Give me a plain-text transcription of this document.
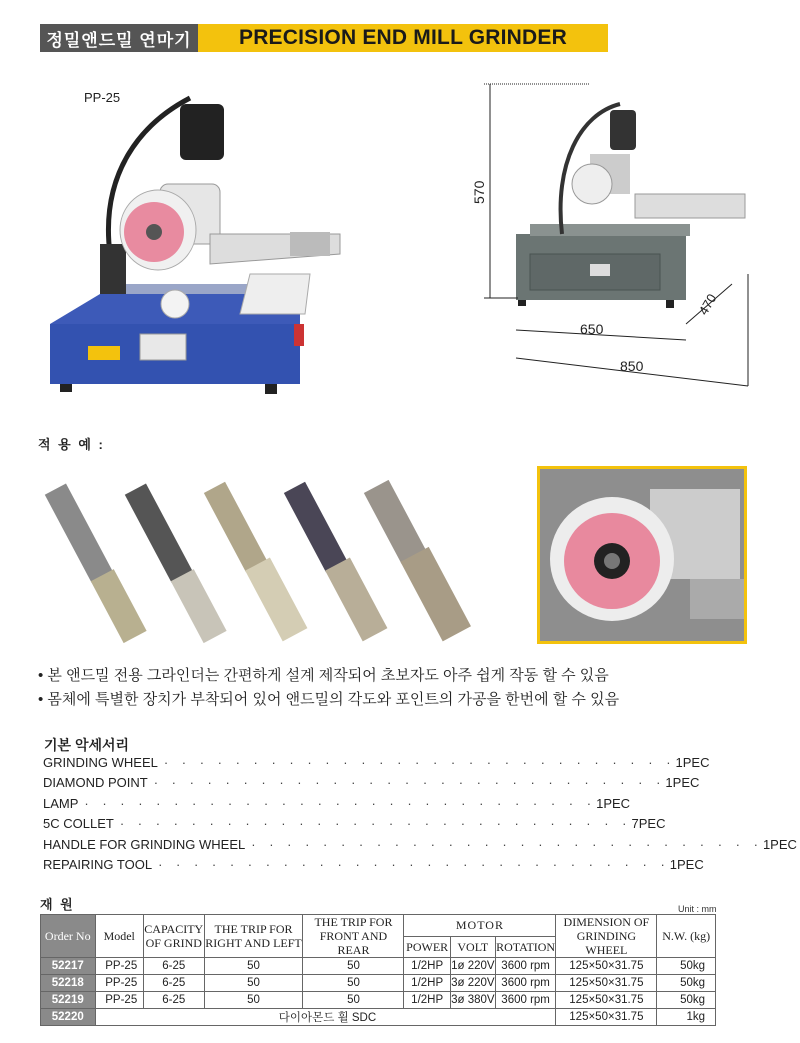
정밀앤드밀 연마기	PRECISION END MILL GRINDER
PP-25
570
650
850
470
적 용 예 :
• 본 앤드밀 전용 그라인더는 간편하게 설계 제작되어 초보자도 아주 쉽게 작동 할 수 있음
• 몸체에 특별한 장치가 부착되어 있어 앤드밀의 각도와 포인트의 가공을 한번에 할 수 있음
기본 악세서리
GRINDING WHEEL · · · · · · · · · · · · · · · · · · · · · · · · · · · · · 1PEC
DIAMOND POINT · · · · · · · · · · · · · · · · · · · · · · · · · · · · · 1PEC
LAMP · · · · · · · · · · · · · · · · · · · · · · · · · · · · · 1PEC
5C COLLET · · · · · · · · · · · · · · · · · · · · · · · · · · · · · 7PEC
HANDLE FOR GRINDING WHEEL · · · · · · · · · · · · · · · · · · · · · · · · · · · · · 1PEC
REPAIRING TOOL · · · · · · · · · · · · · · · · · · · · · · · · · · · · · 1PEC
재 원	Unit : mm
Order No	Model	CAPACITY OF GRIND	THE TRIP FOR RIGHT AND LEFT	THE TRIP FOR FRONT AND REAR	MOTOR			DIMENSION OF GRINDING WHEEL	N.W. (kg)
					POWER	VOLT	ROTATION		
52217	PP-25	6-25	50	50	1/2HP	1ø 220V	3600 rpm	125×50×31.75	50kg
52218	PP-25	6-25	50	50	1/2HP	3ø 220V	3600 rpm	125×50×31.75	50kg
52219	PP-25	6-25	50	50	1/2HP	3ø 380V	3600 rpm	125×50×31.75	50kg
52220	다이아몬드 휠 SDC							125×50×31.75	1kg
